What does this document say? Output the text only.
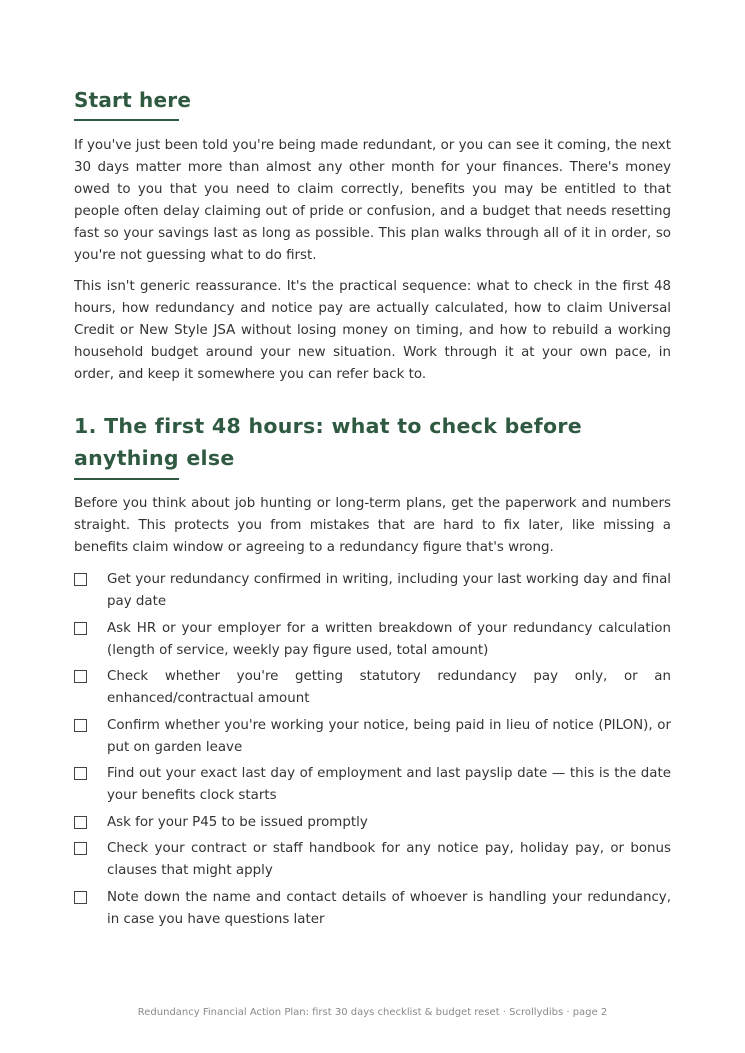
Start here

If you've just been told you're being made redundant, or you can see it coming, the next 30 days matter more than almost any other month for your finances. There's money owed to you that you need to claim correctly, benefits you may be entitled to that people often delay claiming out of pride or confusion, and a budget that needs resetting fast so your savings last as long as possible. This plan walks through all of it in order, so you're not guessing what to do first.

This isn't generic reassurance. It's the practical sequence: what to check in the first 48 hours, how redundancy and notice pay are actually calculated, how to claim Universal Credit or New Style JSA without losing money on timing, and how to rebuild a working household budget around your new situation. Work through it at your own pace, in order, and keep it somewhere you can refer back to.

1. The first 48 hours: what to check before anything else

Before you think about job hunting or long-term plans, get the paperwork and numbers straight. This protects you from mistakes that are hard to fix later, like missing a benefits claim window or agreeing to a redundancy figure that's wrong.

Get your redundancy confirmed in writing, including your last working day and final pay date
Ask HR or your employer for a written breakdown of your redundancy calculation (length of service, weekly pay figure used, total amount)
Check whether you're getting statutory redundancy pay only, or an enhanced/contractual amount
Confirm whether you're working your notice, being paid in lieu of notice (PILON), or put on garden leave
Find out your exact last day of employment and last payslip date — this is the date your benefits clock starts
Ask for your P45 to be issued promptly
Check your contract or staff handbook for any notice pay, holiday pay, or bonus clauses that might apply
Note down the name and contact details of whoever is handling your redundancy, in case you have questions later
Redundancy Financial Action Plan: first 30 days checklist & budget reset · Scrollydibs · page 2
